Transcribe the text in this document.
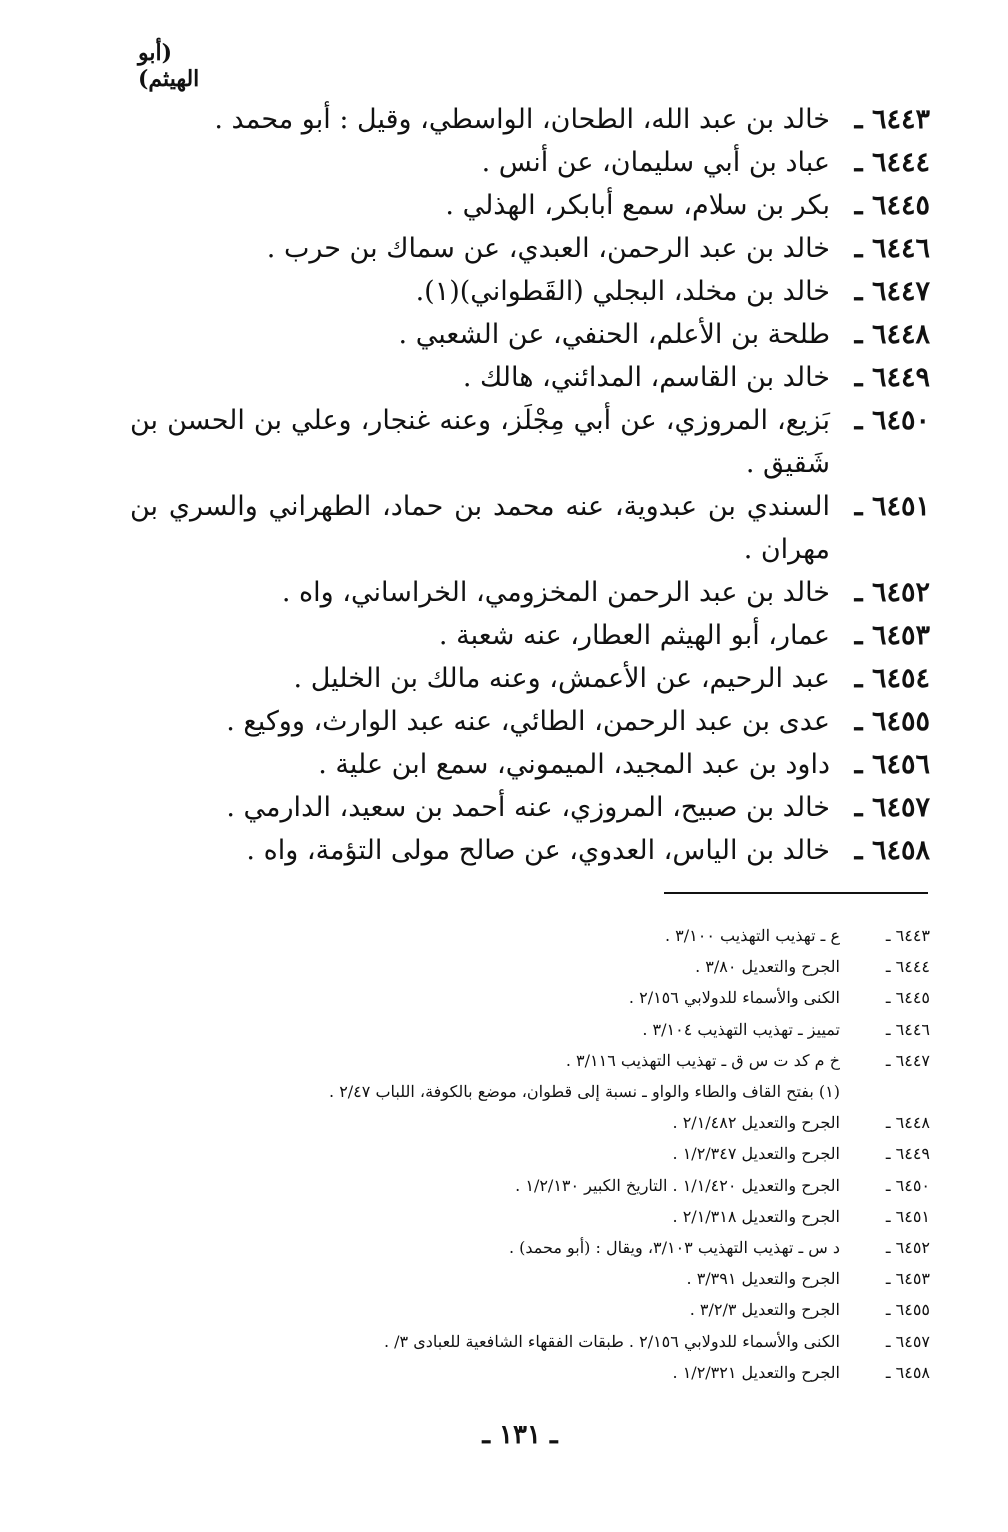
(أبو الهيثم)
٦٤٤٣ ـ
خالد بن عبد الله، الطحان، الواسطي، وقيل : أبو محمد .
٦٤٤٤ ـ
عباد بن أبي سليمان، عن أنس .
٦٤٤٥ ـ
بكر بن سلام، سمع أبابكر، الهذلي .
٦٤٤٦ ـ
خالد بن عبد الرحمن، العبدي، عن سماك بن حرب .
٦٤٤٧ ـ
خالد بن مخلد، البجلي (القَطواني)(١).
٦٤٤٨ ـ
طلحة بن الأعلم، الحنفي، عن الشعبي .
٦٤٤٩ ـ
خالد بن القاسم، المدائني، هالك .
٦٤٥٠ ـ
بَزيع، المروزي، عن أبي مِجْلَز، وعنه غنجار، وعلي بن الحسن بن شَقيق .
٦٤٥١ ـ
السندي بن عبدوية، عنه محمد بن حماد، الطهراني والسري بن مهران .
٦٤٥٢ ـ
خالد بن عبد الرحمن المخزومي، الخراساني، واه .
٦٤٥٣ ـ
عمار، أبو الهيثم العطار، عنه شعبة .
٦٤٥٤ ـ
عبد الرحيم، عن الأعمش، وعنه مالك بن الخليل .
٦٤٥٥ ـ
عدى بن عبد الرحمن، الطائي، عنه عبد الوارث، ووكيع .
٦٤٥٦ ـ
داود بن عبد المجيد، الميموني، سمع ابن علية .
٦٤٥٧ ـ
خالد بن صبيح، المروزي، عنه أحمد بن سعيد، الدارمي .
٦٤٥٨ ـ
خالد بن الياس، العدوي، عن صالح مولى التؤمة، واه .
٦٤٤٣ ـ
ع ـ تهذيب التهذيب ٣/١٠٠ .
٦٤٤٤ ـ
الجرح والتعديل ٣/٨٠ .
٦٤٤٥ ـ
الكنى والأسماء للدولابي ٢/١٥٦ .
٦٤٤٦ ـ
تمييز ـ تهذيب التهذيب ٣/١٠٤ .
٦٤٤٧ ـ
خ م كد ت س ق ـ تهذيب التهذيب ٣/١١٦ .
(١) بفتح القاف والطاء والواو ـ نسبة إلى قطوان، موضع بالكوفة، اللباب ٢/٤٧ .
٦٤٤٨ ـ
الجرح والتعديل ٢/١/٤٨٢ .
٦٤٤٩ ـ
الجرح والتعديل ١/٢/٣٤٧ .
٦٤٥٠ ـ
الجرح والتعديل ١/١/٤٢٠ . التاريخ الكبير ١/٢/١٣٠ .
٦٤٥١ ـ
الجرح والتعديل ٢/١/٣١٨ .
٦٤٥٢ ـ
د س ـ تهذيب التهذيب ٣/١٠٣، ويقال : (أبو محمد) .
٦٤٥٣ ـ
الجرح والتعديل ٣/٣٩١ .
٦٤٥٥ ـ
الجرح والتعديل ٣/٢/٣ .
٦٤٥٧ ـ
الكنى والأسماء للدولابي ٢/١٥٦ . طبقات الفقهاء الشافعية للعبادى ٣/ .
٦٤٥٨ ـ
الجرح والتعديل ١/٢/٣٢١ .
ـ ١٣١ ـ
